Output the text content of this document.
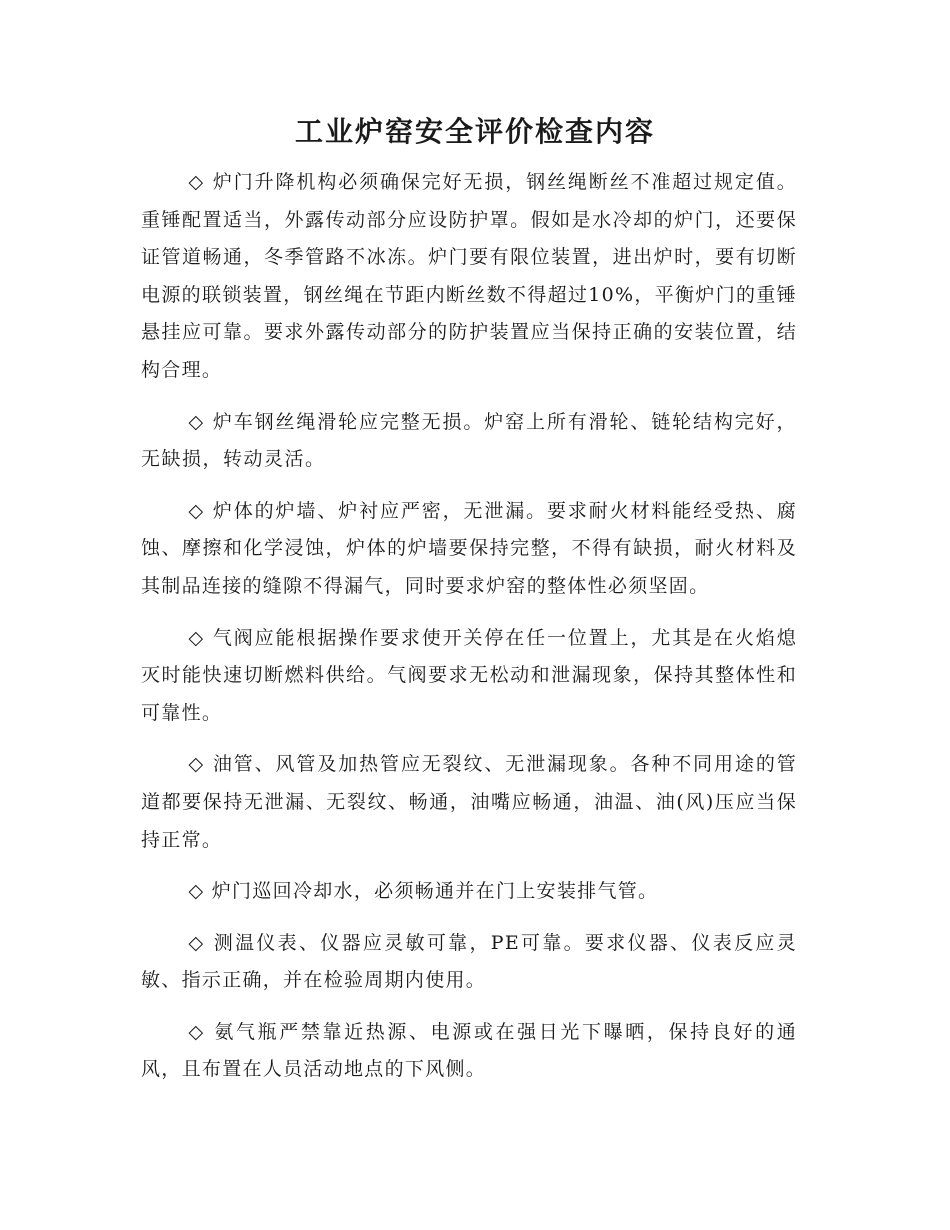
工业炉窑安全评价检查内容

◇ 炉门升降机构必须确保完好无损，钢丝绳断丝不准超过规定值。重锤配置适当，外露传动部分应设防护罩。假如是水冷却的炉门，还要保证管道畅通，冬季管路不冰冻。炉门要有限位装置，进出炉时，要有切断电源的联锁装置，钢丝绳在节距内断丝数不得超过10%，平衡炉门的重锤悬挂应可靠。要求外露传动部分的防护装置应当保持正确的安装位置，结构合理。

◇ 炉车钢丝绳滑轮应完整无损。炉窑上所有滑轮、链轮结构完好，无缺损，转动灵活。

◇ 炉体的炉墙、炉衬应严密，无泄漏。要求耐火材料能经受热、腐蚀、摩擦和化学浸蚀，炉体的炉墙要保持完整，不得有缺损，耐火材料及其制品连接的缝隙不得漏气，同时要求炉窑的整体性必须坚固。

◇ 气阀应能根据操作要求使开关停在任一位置上，尤其是在火焰熄灭时能快速切断燃料供给。气阀要求无松动和泄漏现象，保持其整体性和可靠性。

◇ 油管、风管及加热管应无裂纹、无泄漏现象。各种不同用途的管道都要保持无泄漏、无裂纹、畅通，油嘴应畅通，油温、油(风)压应当保持正常。

◇ 炉门巡回冷却水，必须畅通并在门上安装排气管。

◇ 测温仪表、仪器应灵敏可靠，PE可靠。要求仪器、仪表反应灵敏、指示正确，并在检验周期内使用。

◇ 氨气瓶严禁靠近热源、电源或在强日光下曝晒，保持良好的通风，且布置在人员活动地点的下风侧。
